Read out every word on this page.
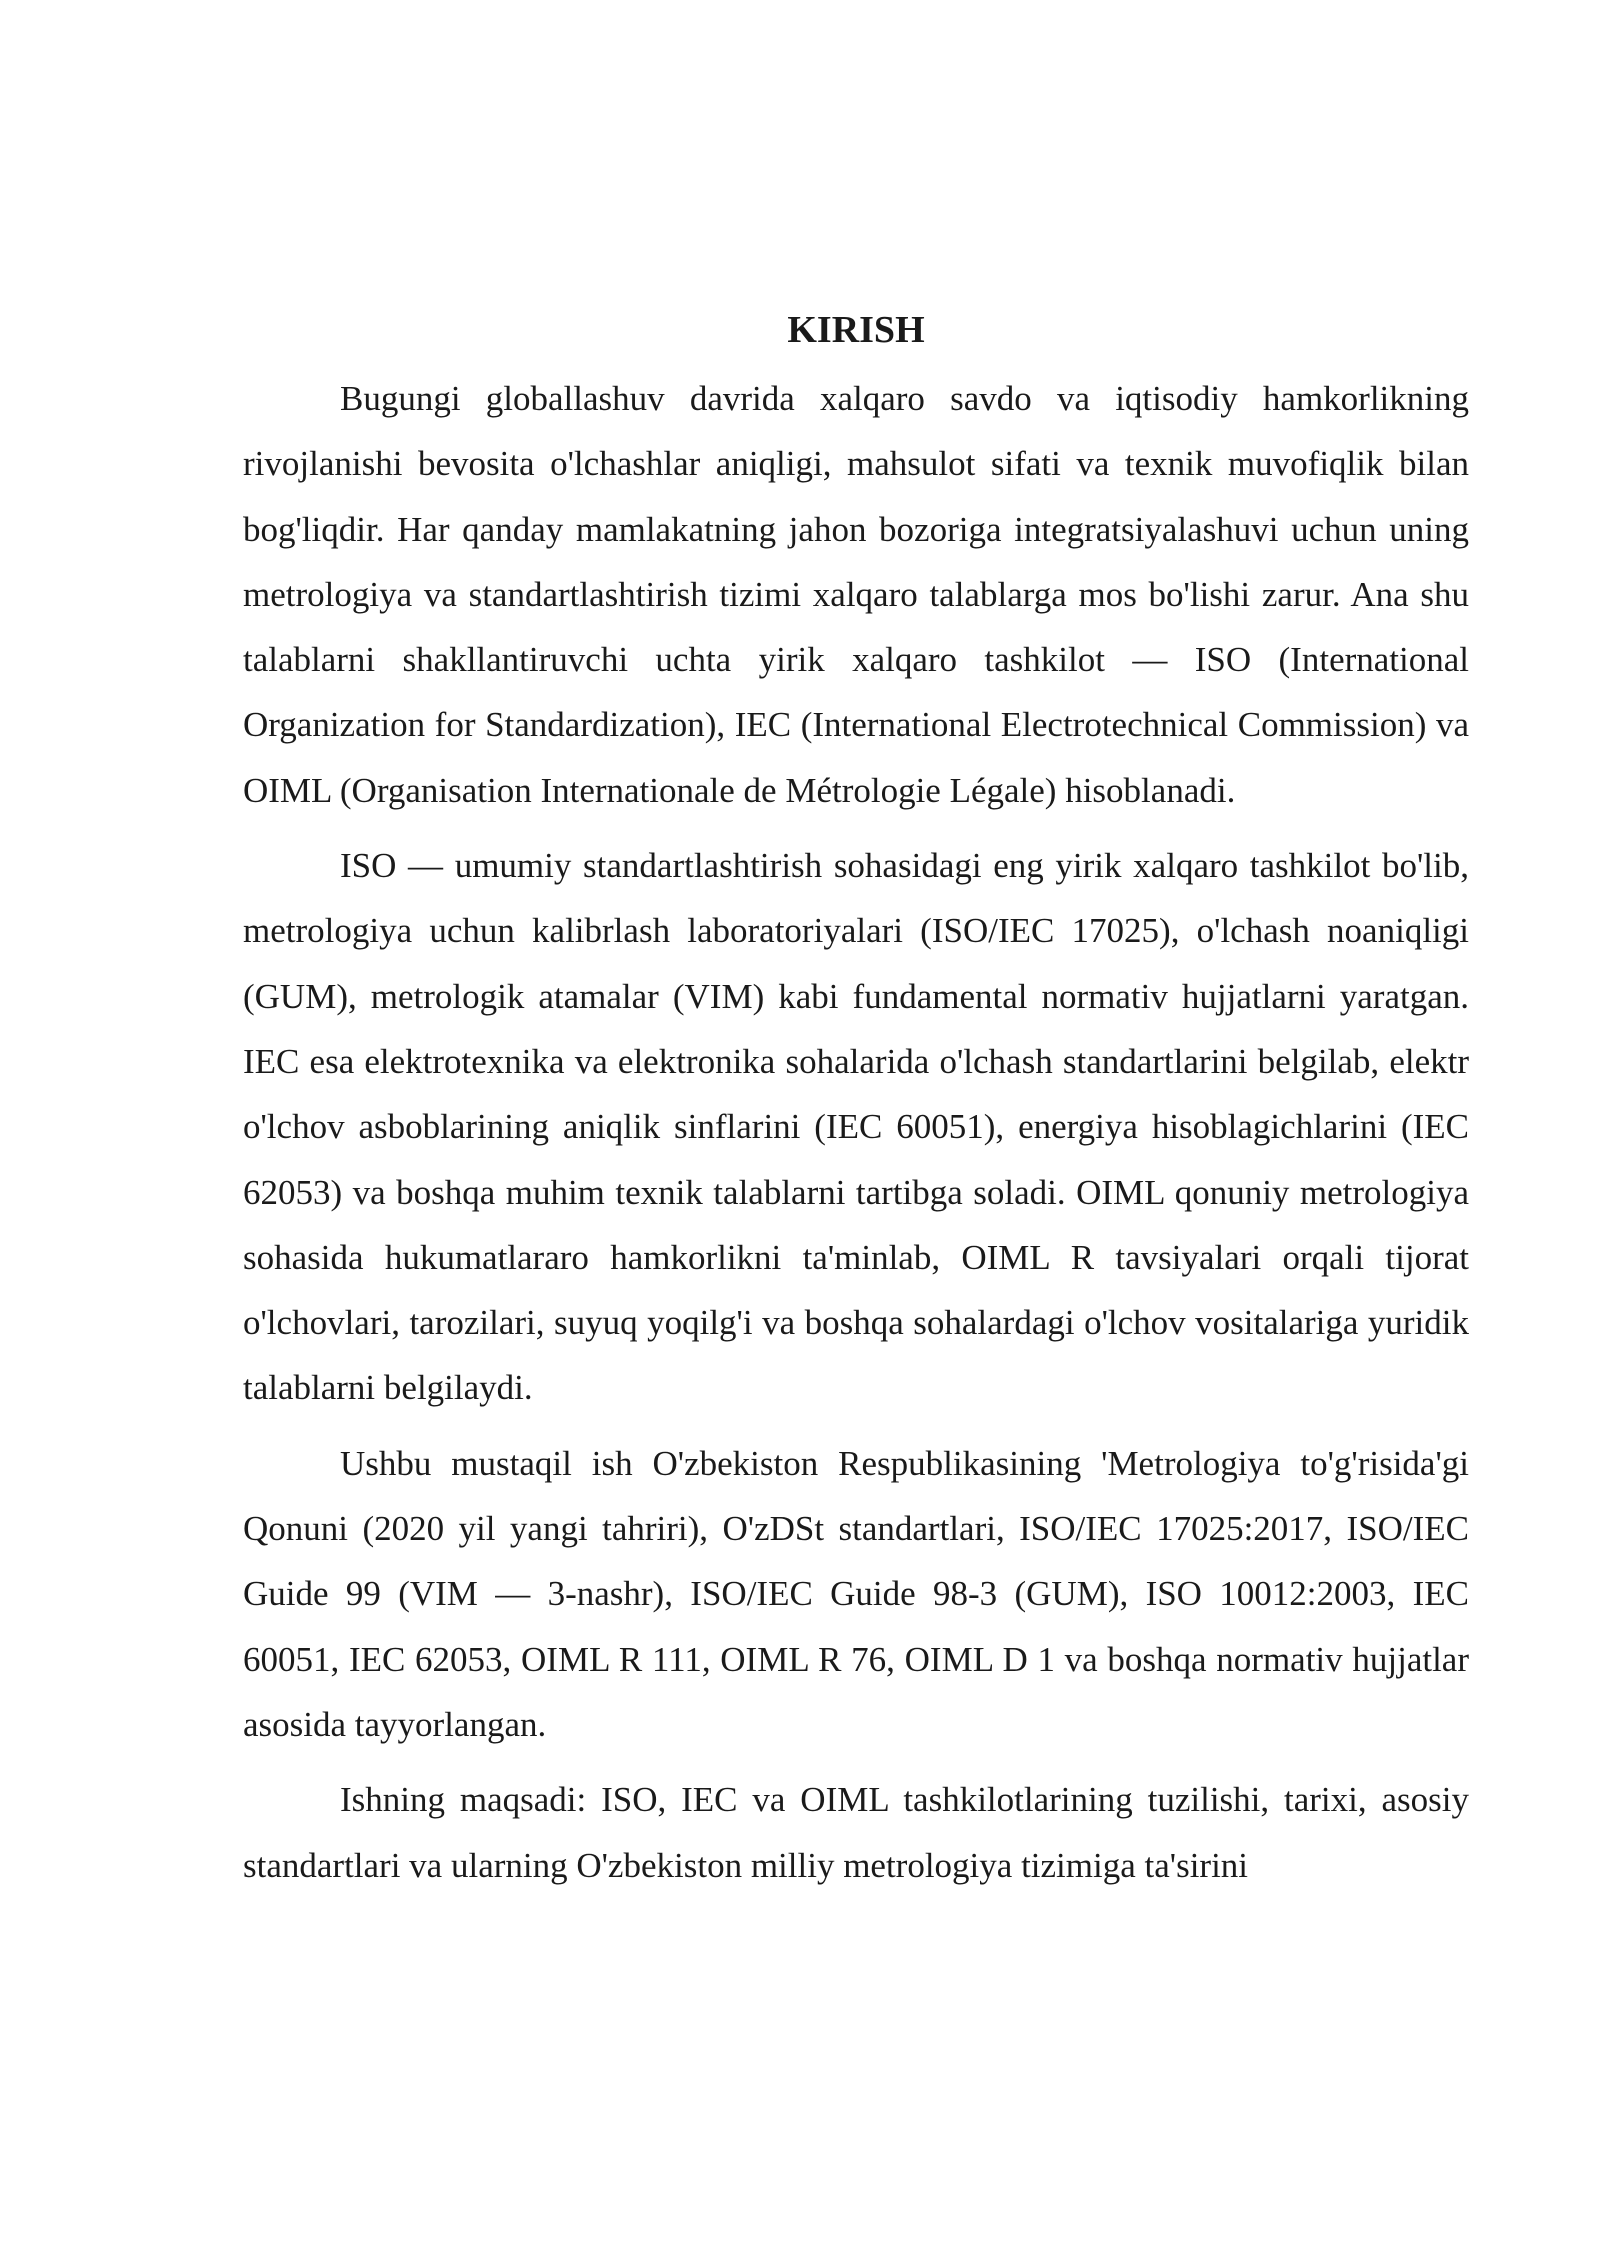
KIRISH

Bugungi globallashuv davrida xalqaro savdo va iqtisodiy hamkorlikning rivojlanishi bevosita o'lchashlar aniqligi, mahsulot sifati va texnik muvofiqlik bilan bog'liqdir. Har qanday mamlakatning jahon bozoriga integratsiyalashuvi uchun uning metrologiya va standartlashtirish tizimi xalqaro talablarga mos bo'lishi zarur. Ana shu talablarni shakllantiruvchi uchta yirik xalqaro tashkilot — ISO (International Organization for Standardization), IEC (International Electrotechnical Commission) va OIML (Organisation Internationale de Métrologie Légale) hisoblanadi.

ISO — umumiy standartlashtirish sohasidagi eng yirik xalqaro tashkilot bo'lib, metrologiya uchun kalibrlash laboratoriyalari (ISO/IEC 17025), o'lchash noaniqligi (GUM), metrologik atamalar (VIM) kabi fundamental normativ hujjatlarni yaratgan. IEC esa elektrotexnika va elektronika sohalarida o'lchash standartlarini belgilab, elektr o'lchov asboblarining aniqlik sinflarini (IEC 60051), energiya hisoblagichlarini (IEC 62053) va boshqa muhim texnik talablarni tartibga soladi. OIML qonuniy metrologiya sohasida hukumatlararo hamkorlikni ta'minlab, OIML R tavsiyalari orqali tijorat o'lchovlari, tarozilari, suyuq yoqilg'i va boshqa sohalardagi o'lchov vositalariga yuridik talablarni belgilaydi.

Ushbu mustaqil ish O'zbekiston Respublikasining 'Metrologiya to'g'risida'gi Qonuni (2020 yil yangi tahriri), O'zDSt standartlari, ISO/IEC 17025:2017, ISO/IEC Guide 99 (VIM — 3-nashr), ISO/IEC Guide 98-3 (GUM), ISO 10012:2003, IEC 60051, IEC 62053, OIML R 111, OIML R 76, OIML D 1 va boshqa normativ hujjatlar asosida tayyorlangan.

Ishning maqsadi: ISO, IEC va OIML tashkilotlarining tuzilishi, tarixi, asosiy standartlari va ularning O'zbekiston milliy metrologiya tizimiga ta'sirini
